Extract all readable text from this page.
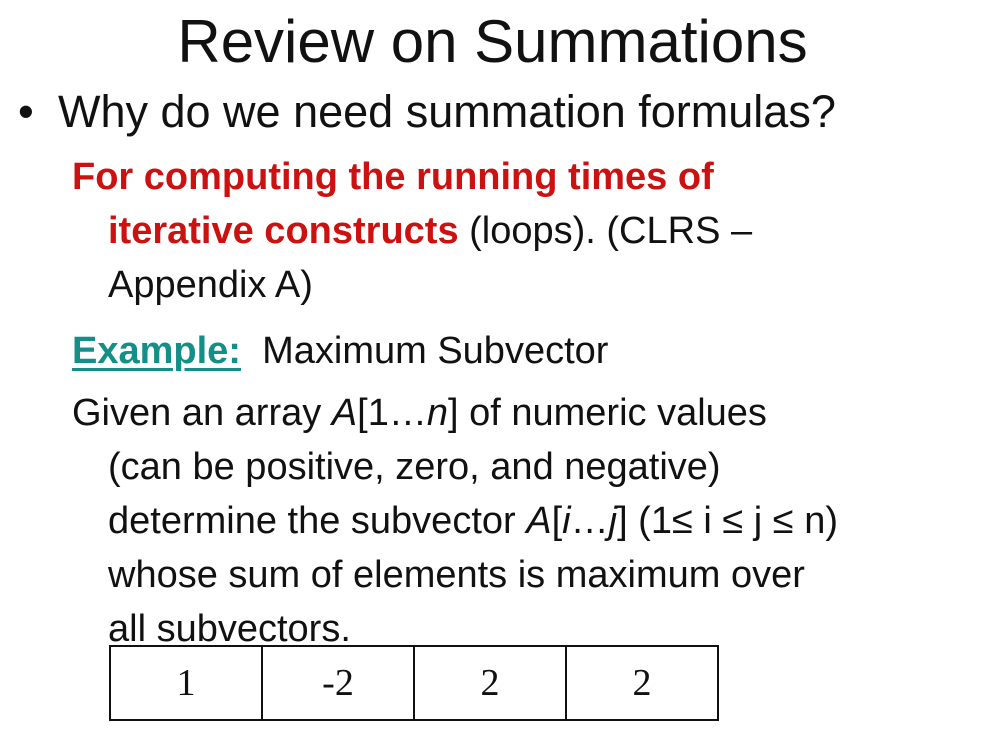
Review on Summations
• Why do we need summation formulas?
For computing the running times of
iterative constructs (loops). (CLRS –
Appendix A)
Example: Maximum Subvector
Given an array A[1…n] of numeric values
(can be positive, zero, and negative)
determine the subvector A[i…j] (1≤ i ≤ j ≤ n)
whose sum of elements is maximum over
all subvectors.
1	-2	2	2
